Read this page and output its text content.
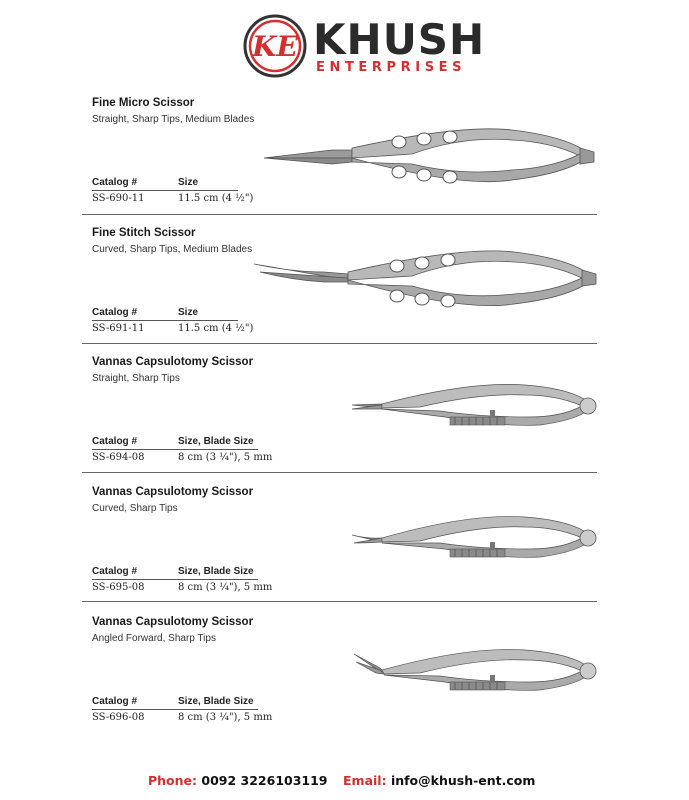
KE KHUSH
ENTERPRISES
Fine Micro Scissor
Straight, Sharp Tips, Medium Blades
Catalog #	Size
SS-690-11	11.5 cm (4 ½")
Fine Stitch Scissor
Curved, Sharp Tips, Medium Blades
Catalog #	Size
SS-691-11	11.5 cm (4 ½")
Vannas Capsulotomy Scissor
Straight, Sharp Tips
Catalog #	Size, Blade Size
SS-694-08	8 cm (3 ¼"), 5 mm
Vannas Capsulotomy Scissor
Curved, Sharp Tips
Catalog #	Size, Blade Size
SS-695-08	8 cm (3 ¼"), 5 mm
Vannas Capsulotomy Scissor
Angled Forward, Sharp Tips
Catalog #	Size, Blade Size
SS-696-08	8 cm (3 ¼"), 5 mm
Phone: 0092 3226103119 Email: info@khush-ent.com
